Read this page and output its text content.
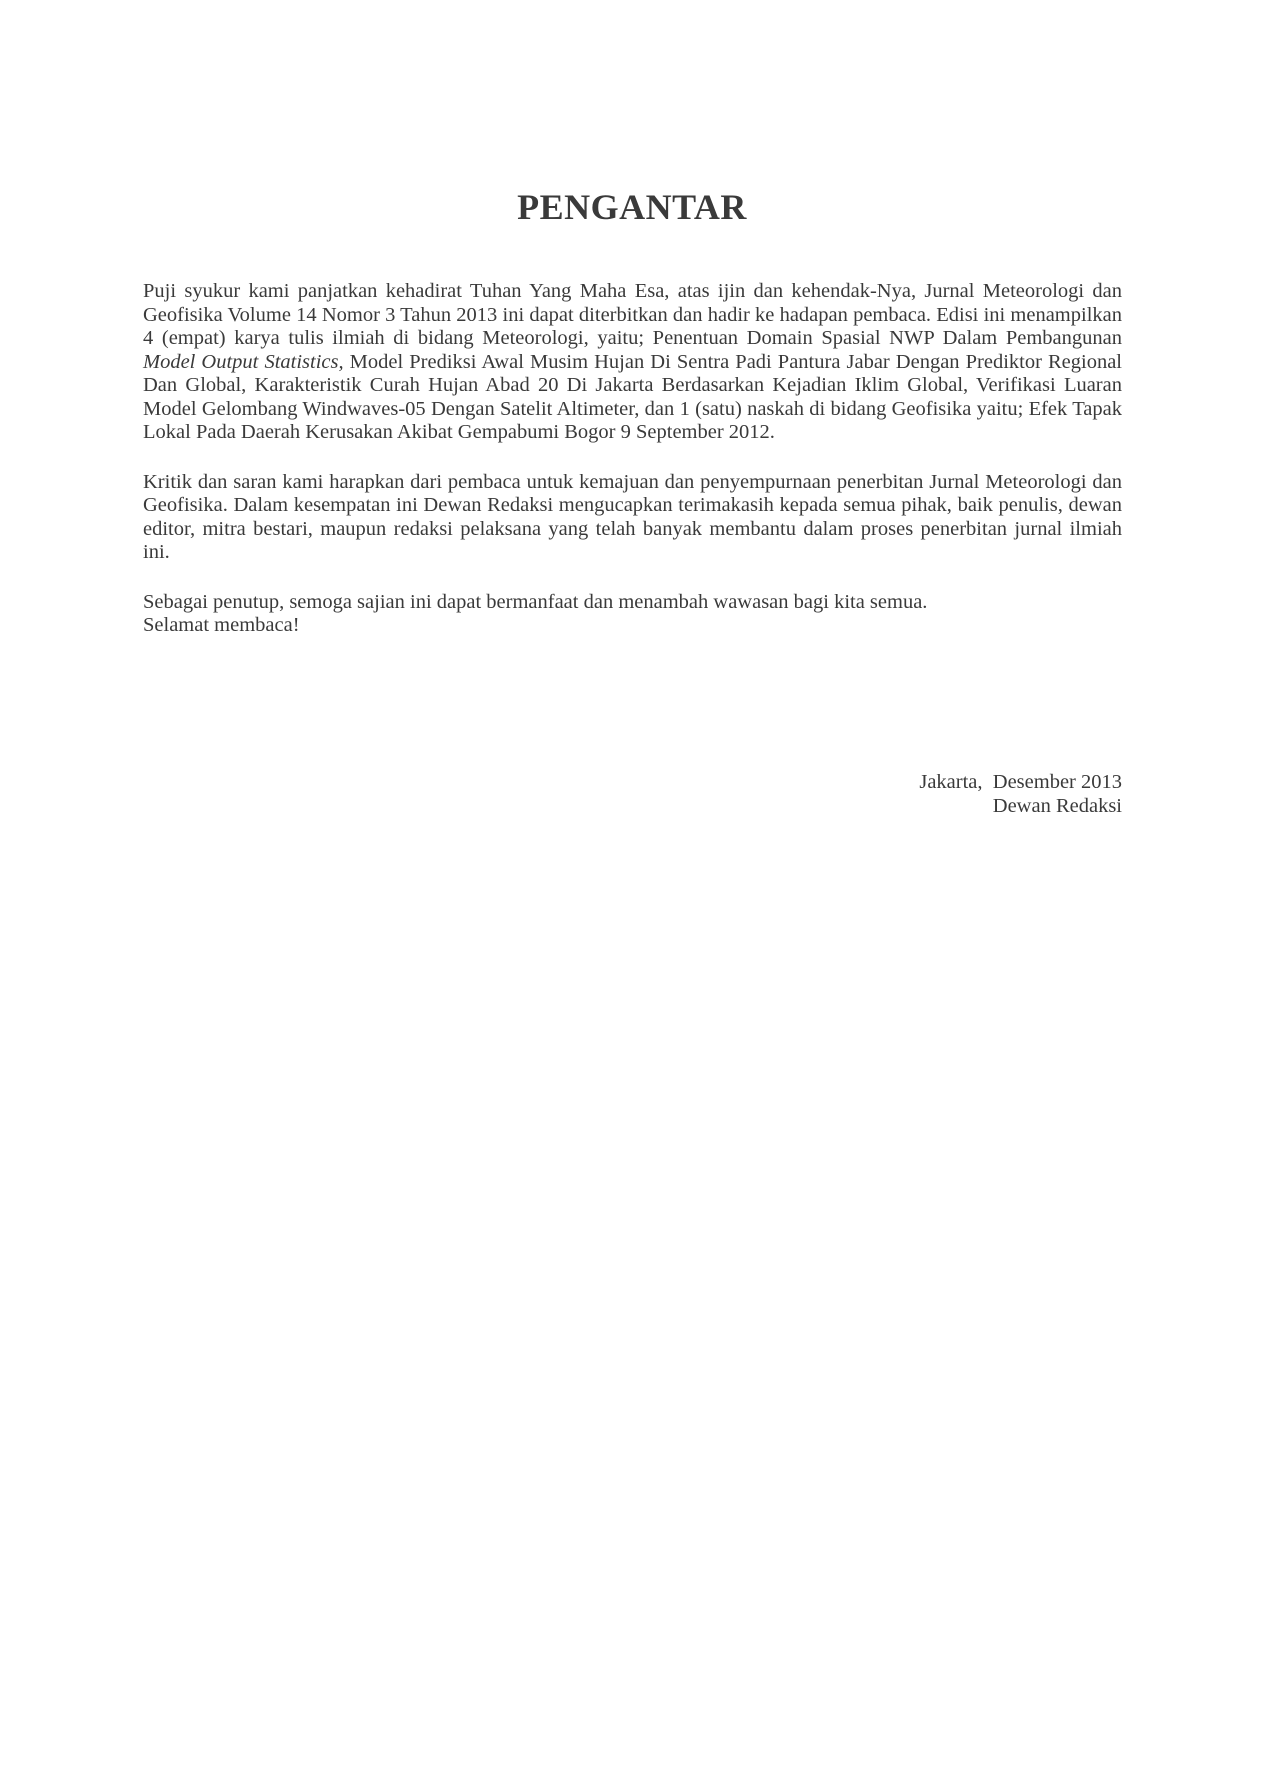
PENGANTAR

Puji syukur kami panjatkan kehadirat Tuhan Yang Maha Esa, atas ijin dan kehendak-Nya, Jurnal Meteorologi dan Geofisika Volume 14 Nomor 3 Tahun 2013 ini dapat diterbitkan dan hadir ke hadapan pembaca. Edisi ini menampilkan 4 (empat) karya tulis ilmiah di bidang Meteorologi, yaitu; Penentuan Domain Spasial NWP Dalam Pembangunan Model Output Statistics, Model Prediksi Awal Musim Hujan Di Sentra Padi Pantura Jabar Dengan Prediktor Regional Dan Global, Karakteristik Curah Hujan Abad 20 Di Jakarta Berdasarkan Kejadian Iklim Global, Verifikasi Luaran Model Gelombang Windwaves-05 Dengan Satelit Altimeter, dan 1 (satu) naskah di bidang Geofisika yaitu; Efek Tapak Lokal Pada Daerah Kerusakan Akibat Gempabumi Bogor 9 September 2012.

Kritik dan saran kami harapkan dari pembaca untuk kemajuan dan penyempurnaan penerbitan Jurnal Meteorologi dan Geofisika. Dalam kesempatan ini Dewan Redaksi mengucapkan terimakasih kepada semua pihak, baik penulis, dewan editor, mitra bestari, maupun redaksi pelaksana yang telah banyak membantu dalam proses penerbitan jurnal ilmiah ini.

Sebagai penutup, semoga sajian ini dapat bermanfaat dan menambah wawasan bagi kita semua.
Selamat membaca!

Jakarta,  Desember 2013
Dewan Redaksi
